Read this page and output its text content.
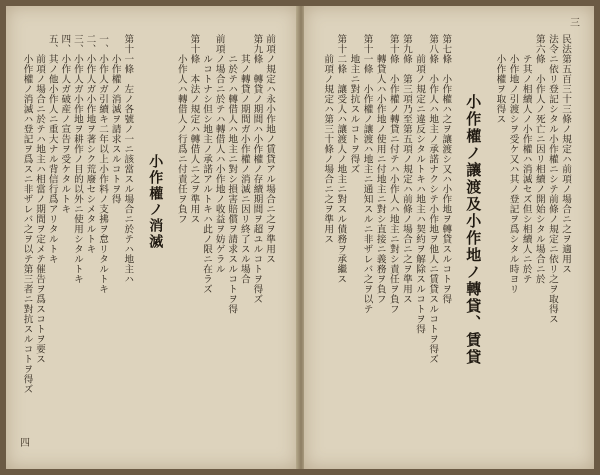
前項ノ規定ハ永小作地ノ賃貸アル場合ニ之ヲ準用ス
第九條　轉貸ノ期間ハ小作權ノ存續期間ヲ超ユルコトヲ得ズ
　其ノ轉貸ノ期間ガ小作權ノ消滅ニ因リ終了スル場合
　ニ於テハ轉借人ハ地主ニ對シ損害賠償ヲ請求スルコトヲ得
前項ノ場合ニ於テハ轉借人ハ小作地ノ收益ヲ妨ゲラル
　ルコトナシ但シ地主ノ承諾アルトキハ此ノ限ニ在ラズ
第十條　本法ノ規定ハ轉借人ニ之ヲ準用ス
　小作人ハ轉借人ノ行爲ニ付責任ヲ負フ
小作權ノ消滅
第十一條　左ノ各號ノ一ニ該當スル場合ニ於テハ地主ハ
　小作權ノ消滅ヲ請求スルコトヲ得
一、小作人ガ引續キ二年以上小作料ノ支拂ヲ怠リタルトキ
二、小作人ガ小作地ヲ著シク荒廢セシメタルトキ
三、小作人ガ小作地ヲ耕作ノ目的以外ニ使用シタルトキ
四、小作人ガ破産ノ宣告ヲ受ケタルトキ
五、其ノ他小作人ニ重大ナル背信行爲アリタルトキ
　前項ノ場合ニ於テハ地主ハ相當ノ期間ヲ定メテ催告ヲ爲スコトヲ要ス
　小作權ノ消滅ハ登記ヲ爲スニ非ザレバ之ヲ以テ第三者ニ對抗スルコトヲ得ズ
四
民法第五百三十三條ノ規定ハ前項ノ場合ニ之ヲ適用ス
法令ニ依リ登記シタル小作權ニシテ前條ノ規定ニ依リ之ヲ取得ス
第六條　小作人ノ死亡ニ因リ相續ノ開始シタル場合ニ於
　テ其ノ相續人ノ小作權ハ消滅セズ但シ相續人ニ於テ
　小作地ノ引渡シヲ受ケ又ハ其ノ登記ヲ爲シタル時ヨリ
　小作權ヲ取得ス
小作權ノ讓渡及小作地ノ轉貸、賃貸
第七條　小作權ハ之ヲ讓渡シ又ハ小作地ヲ轉貸スルコトヲ得
第八條　小作人ハ地主ノ承諾ナクシテ小作地ヲ他人ニ賃貸スルコトヲ得ズ
　前項ノ規定ニ違反シタルトキハ地主ハ契約ヲ解除スルコトヲ得
第九條　第三項乃至第五項ノ規定ハ前條ノ場合ニ之ヲ準用ス
第十條　小作權ノ轉貸ニ付テハ小作人ハ地主ニ對シ責任ヲ負フ
　轉貸人ハ小作地ノ使用ニ付地主ニ對シ直接ニ義務ヲ負フ
第十一條　小作權ノ讓渡ハ地主ニ通知スルニ非ザレバ之ヲ以テ
　地主ニ對抗スルコトヲ得ズ
第十二條　讓受人ハ讓渡人ノ地主ニ對スル債務ヲ承繼ス
　前項ノ規定ハ第三十條ノ場合ニ之ヲ準用ス
三
